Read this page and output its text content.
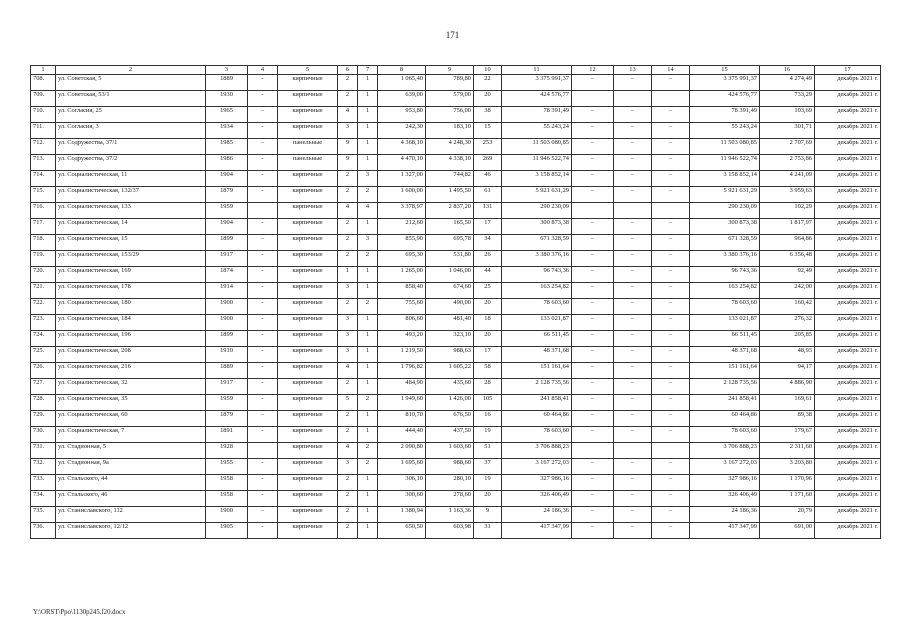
171
1	2	3	4	5	6	7	8	9	10	11	12	13	14	15	16	17
708.	ул. Советская, 5	1889	-	кирпичные	2	1	1 065,40	789,80	22	3 375 991,37	–	–	–	3 375 991,37	4 274,49	декабрь 2021 г.
709.	ул. Советская, 53/1	1930	-	кирпичные	2	1	639,00	579,00	20	424 576,77				424 576,77	733,29	декабрь 2021 г.
710.	ул. Согласия, 25	1965	–	кирпичные	4	1	953,80	756,00	38	78 391,49	–	–	–	78 391,49	103,69	декабрь 2021 г.
711.	ул. Согласия, 3	1934	-	кирпичные	3	1	242,30	183,10	15	55 243,24	–	–	–	55 243,24	301,71	декабрь 2021 г.
712.	ул. Содружества, 37/1	1985	–	панельные	9	1	4 368,10	4 248,30	253	11 503 080,85	–	–	–	11 503 080,85	2 707,69	декабрь 2021 г.
713.	ул. Содружества, 37/2	1986	-	панельные	9	1	4 470,10	4 338,10	269	11 946 522,74	–	–	–	11 946 522,74	2 753,86	декабрь 2021 г.
714.	ул. Социалистическая, 11	1904	-	кирпичные	2	3	1 327,00	744,82	46	3 158 852,14	–	–	–	3 158 852,14	4 241,09	декабрь 2021 г.
715.	ул. Социалистическая, 132/37	1879	-	кирпичные	2	2	1 600,00	1 495,50	61	5 921 631,29	–	–	–	5 921 631,29	3 959,63	декабрь 2021 г.
716.	ул. Социалистическая, 133	1959		кирпичные	4	4	3 378,97	2 837,20	131	290 230,09				290 230,09	102,29	декабрь 2021 г.
717.	ул. Социалистическая, 14	1904	-	кирпичные	2	1	212,60	165,50	17	300 873,38	–	–	–	300 873,38	1 817,97	декабрь 2021 г.
718.	ул. Социалистическая, 15	1899	–	кирпичные	2	3	855,90	695,78	34	671 328,59	–	–	–	671 328,59	964,86	декабрь 2021 г.
719.	ул. Социалистическая, 153/29	1917	-	кирпичные	2	2	695,30	531,80	26	3 380 376,16	–	–	–	3 380 376,16	6 356,48	декабрь 2021 г.
720.	ул. Социалистическая, 169	1874	-	кирпичные	1	1	1 265,00	1 046,00	44	96 743,36	–	–	–	96 743,36	92,49	декабрь 2021 г.
721.	ул. Социалистическая, 178	1914	-	кирпичные	3	1	858,40	674,60	25	163 254,82	–	–	–	163 254,82	242,00	декабрь 2021 г.
722.	ул. Социалистическая, 180	1900	-	кирпичные	2	2	755,60	490,00	20	78 603,60	–	–	–	78 603,60	160,42	декабрь 2021 г.
723.	ул. Социалистическая, 184	1900	-	кирпичные	3	1	806,60	481,40	18	133 021,87	–	–	–	133 021,87	276,32	декабрь 2021 г.
724.	ул. Социалистическая, 196	1899	-	кирпичные	3	1	493,20	323,10	20	66 511,45	–	–	–	66 511,45	205,85	декабрь 2021 г.
725.	ул. Социалистическая, 208	1910	-	кирпичные	3	1	1 219,50	988,63	17	48 371,68	–	–	–	48 371,68	48,93	декабрь 2021 г.
726.	ул. Социалистическая, 216	1889	-	кирпичные	4	1	1 796,82	1 605,22	58	151 161,64	–	–	–	151 161,64	94,17	декабрь 2021 г.
727.	ул. Социалистическая, 32	1917	-	кирпичные	2	1	484,90	435,60	28	2 128 735,56	–	–	–	2 128 735,56	4 886,90	декабрь 2021 г.
728.	ул. Социалистическая, 35	1959	-	кирпичные	5	2	1 949,60	1 426,00	105	241 858,41	–	–	–	241 858,41	169,61	декабрь 2021 г.
729.	ул. Социалистическая, 60	1879	–	кирпичные	2	1	810,70	676,50	16	60 464,86	–	–	–	60 464,86	89,38	декабрь 2021 г.
730.	ул. Социалистическая, 7	1891	-	кирпичные	2	1	444,40	437,50	19	78 603,60	–	–	–	78 603,60	179,67	декабрь 2021 г.
731.	ул. Стадионная, 5	1928		кирпичные	4	2	2 090,80	1 603,60	51	3 706 888,23				3 706 888,23	2 311,60	декабрь 2021 г.
732.	ул. Стадионная, 9а	1955	-	кирпичные	3	2	1 695,60	988,60	37	3 167 272,03	–	–	–	3 167 272,03	3 203,80	декабрь 2021 г.
733.	ул. Стальского, 44	1958	-	кирпичные	2	1	306,10	280,10	19	327 986,16	–	–	–	327 986,16	1 170,96	декабрь 2021 г.
734.	ул. Стальского, 46	1958	-	кирпичные	2	1	300,60	278,60	20	326 406,49	–	–	–	326 406,49	1 171,60	декабрь 2021 г.
735.	ул. Станиславского, 112	1900	–	кирпичные	2	1	1 380,94	1 163,36	9	24 186,36	–	–	–	24 186,36	20,79	декабрь 2021 г.
736.	ул. Станиславского, 12/12	1905	-	кирпичные	2	1	650,50	603,98	31	417 347,99	–	–	–	417 347,99	691,00	декабрь 2021 г.
Y:\ORST\Ppo\1130p245.f20.docx
